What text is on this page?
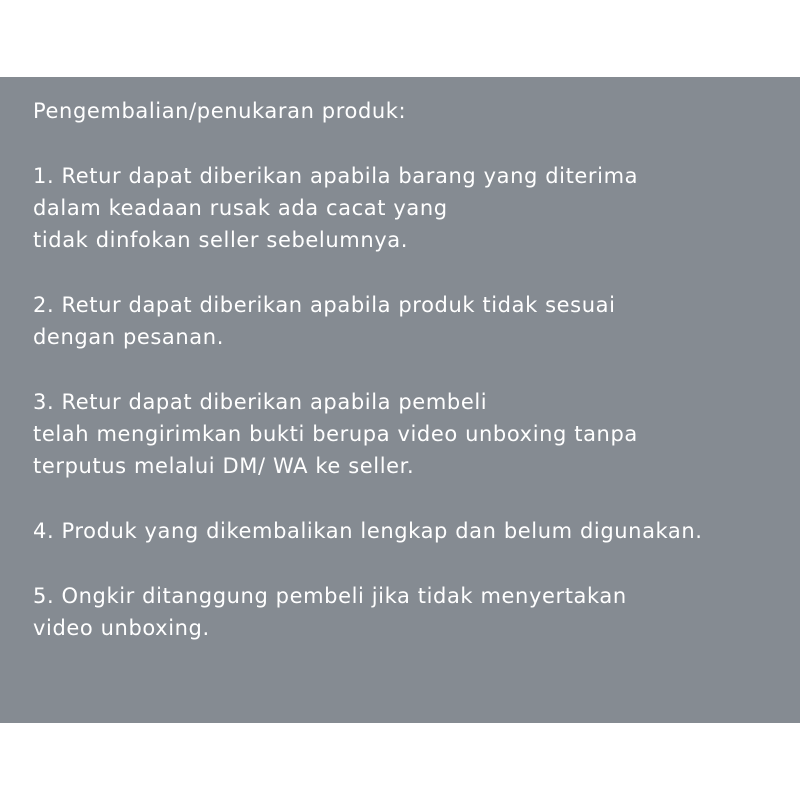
Pengembalian/penukaran produk:
1. Retur dapat diberikan apabila barang yang diterima
dalam keadaan rusak ada cacat yang
tidak dinfokan seller sebelumnya.
2. Retur dapat diberikan apabila produk tidak sesuai
dengan pesanan.
3. Retur dapat diberikan apabila pembeli
telah mengirimkan bukti berupa video unboxing tanpa
terputus melalui DM/ WA ke seller.
4. Produk yang dikembalikan lengkap dan belum digunakan.
5. Ongkir ditanggung pembeli jika tidak menyertakan
video unboxing.
